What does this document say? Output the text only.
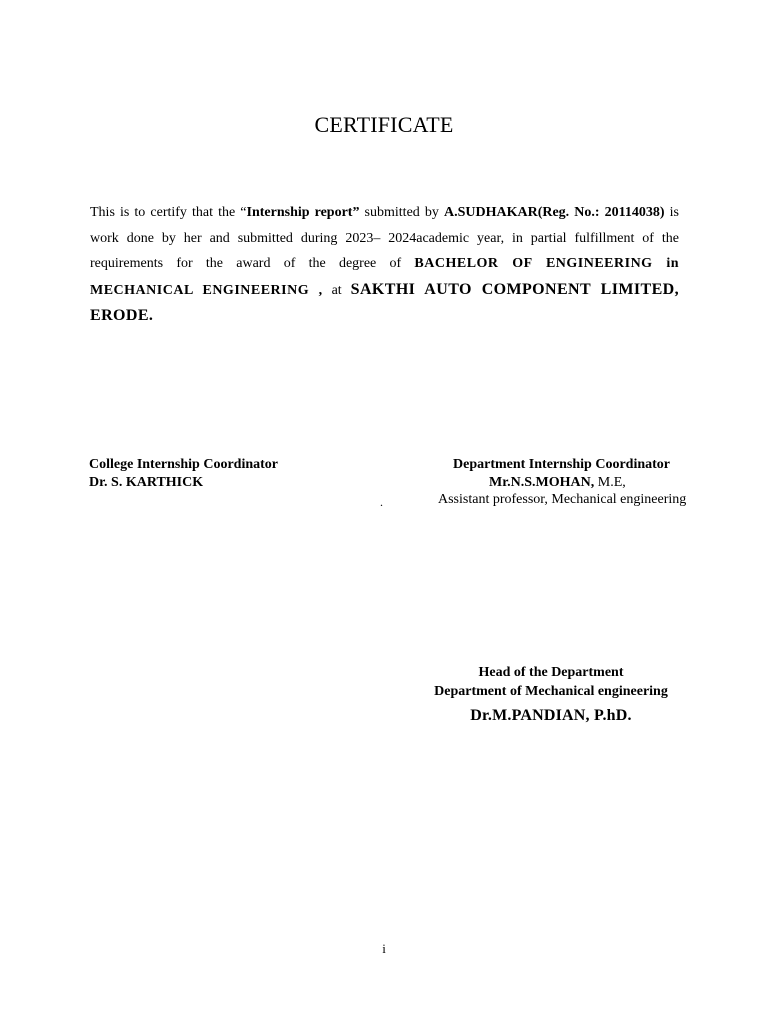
CERTIFICATE
This is to certify that the “Internship report” submitted by A.SUDHAKAR(Reg. No.: 20114038) is work done by her and submitted during 2023– 2024academic year, in partial fulfillment of the requirements for the award of the degree of BACHELOR OF ENGINEERING in MECHANICAL ENGINEERING , at SAKTHI AUTO COMPONENT LIMITED, ERODE.
College Internship Coordinator
Dr. S. KARTHICK
Department Internship Coordinator
Mr.N.S.MOHAN, M.E,
Assistant professor, Mechanical engineering
.
Head of the Department
Department of Mechanical engineering
Dr.M.PANDIAN, P.hD.
i
